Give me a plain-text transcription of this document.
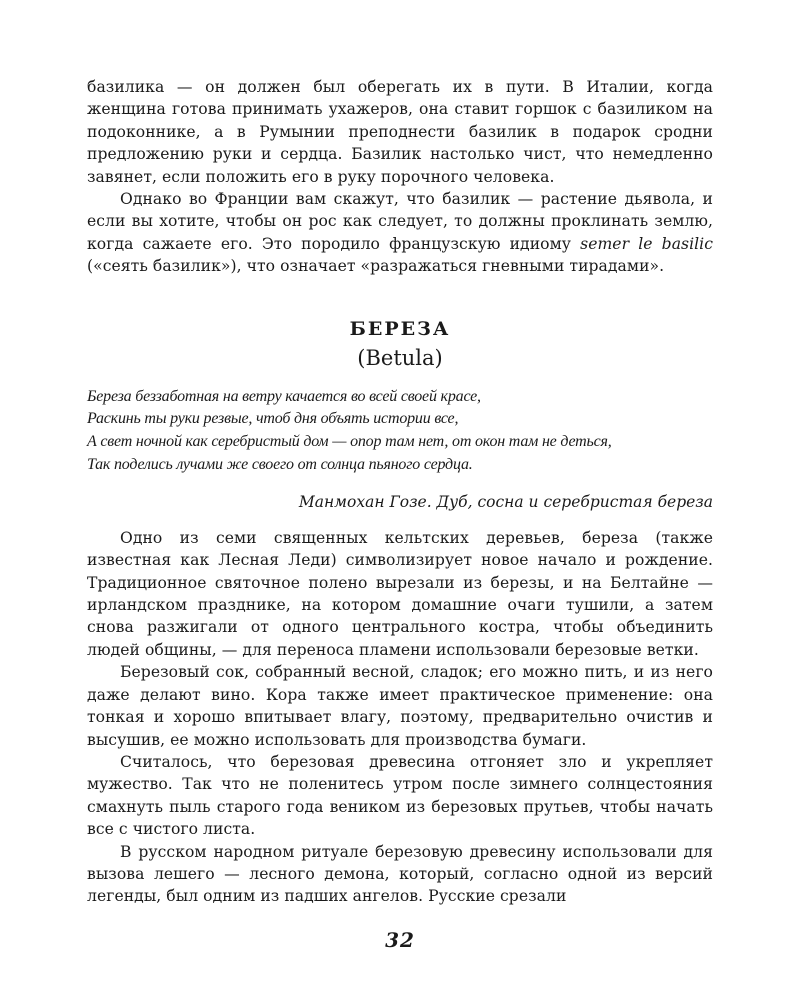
базилика — он должен был оберегать их в пути. В Италии, когда женщина готова принимать ухажеров, она ставит горшок с базиликом на подоконнике, а в Румынии преподнести базилик в подарок сродни предложению руки и сердца. Базилик настолько чист, что немедленно завянет, если положить его в руку порочного человека.

Однако во Франции вам скажут, что базилик — растение дьявола, и если вы хотите, чтобы он рос как следует, то должны проклинать землю, когда сажаете его. Это породило французскую идиому semer le basilic («сеять базилик»), что означает «разражаться гневными тирадами».

БЕРЕЗА
(Betula)
Береза беззаботная на ветру качается во всей своей красе,
Раскинь ты руки резвые, чтоб дня объять истории все,
А свет ночной как серебристый дом — опор там нет, от окон там не деться,
Так поделись лучами же своего от солнца пьяного сердца.
Манмохан Гозе. Дуб, сосна и серебристая береза

Одно из семи священных кельтских деревьев, береза (также известная как Лесная Леди) символизирует новое начало и рождение. Традиционное святочное полено вырезали из березы, и на Белтайне — ирландском празднике, на котором домашние очаги тушили, а затем снова разжигали от одного центрального костра, чтобы объединить людей общины, — для переноса пламени использовали березовые ветки.

Березовый сок, собранный весной, сладок; его можно пить, и из него даже делают вино. Кора также имеет практическое применение: она тонкая и хорошо впитывает влагу, поэтому, предварительно очистив и высушив, ее можно использовать для производства бумаги.

Считалось, что березовая древесина отгоняет зло и укрепляет мужество. Так что не поленитесь утром после зимнего солнцестояния смахнуть пыль старого года веником из березовых прутьев, чтобы начать все с чистого листа.

В русском народном ритуале березовую древесину использовали для вызова лешего — лесного демона, который, согласно одной из версий легенды, был одним из падших ангелов. Русские срезали

32
